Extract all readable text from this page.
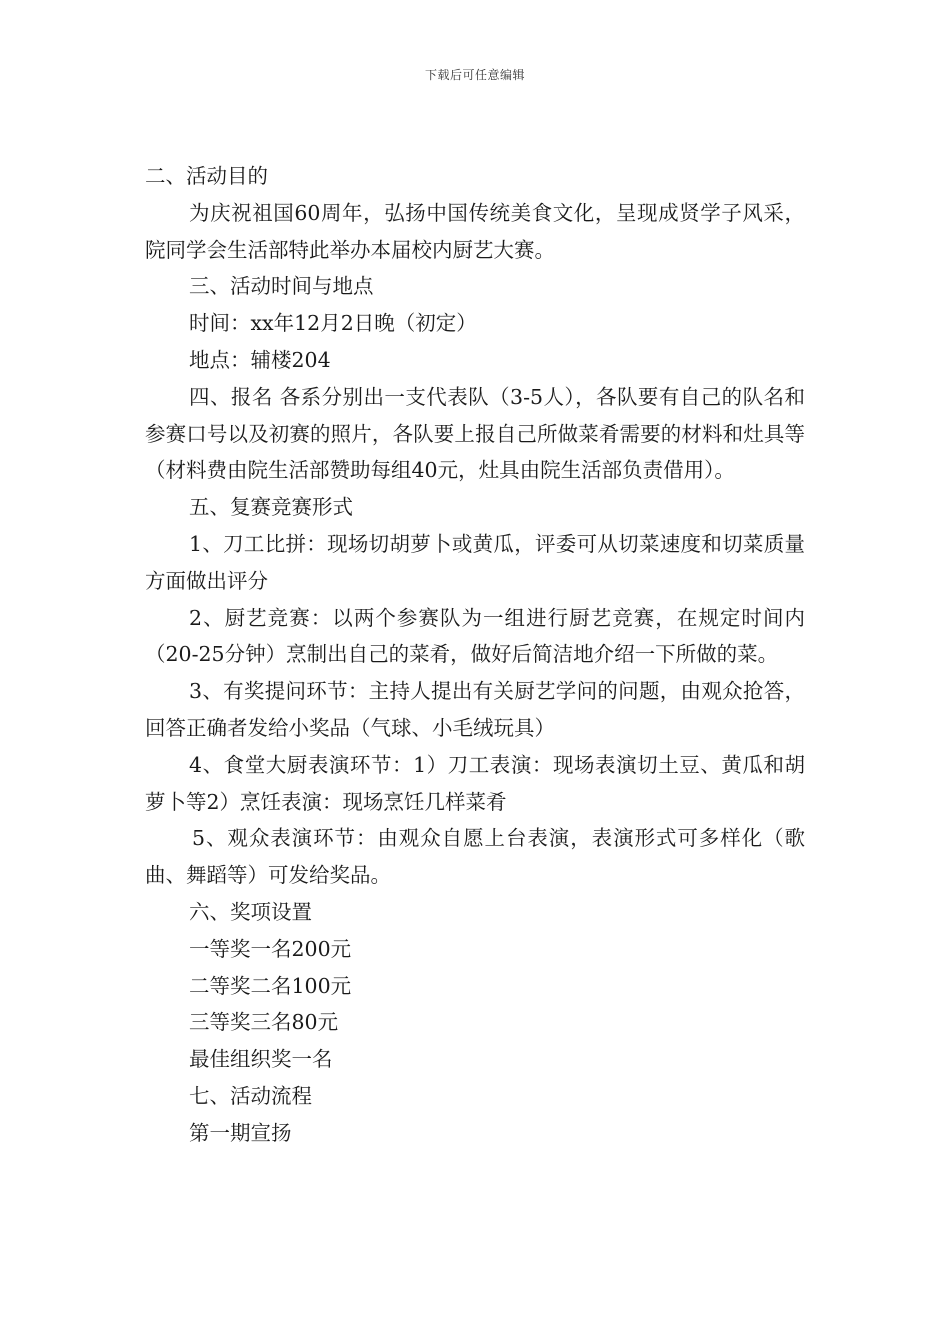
下载后可任意编辑

二、活动目的

为庆祝祖国60周年，弘扬中国传统美食文化，呈现成贤学子风采，院同学会生活部特此举办本届校内厨艺大赛。

三、活动时间与地点

时间：xx年12月2日晚（初定）

地点：辅楼204

四、报名 各系分别出一支代表队（3-5人），各队要有自己的队名和参赛口号以及初赛的照片，各队要上报自己所做菜肴需要的材料和灶具等（材料费由院生活部赞助每组40元，灶具由院生活部负责借用）。

五、复赛竞赛形式

1、刀工比拼：现场切胡萝卜或黄瓜，评委可从切菜速度和切菜质量方面做出评分

2、厨艺竞赛：以两个参赛队为一组进行厨艺竞赛，在规定时间内（20-25分钟）烹制出自己的菜肴，做好后简洁地介绍一下所做的菜。

3、有奖提问环节：主持人提出有关厨艺学问的问题，由观众抢答，回答正确者发给小奖品（气球、小毛绒玩具）

4、食堂大厨表演环节：1）刀工表演：现场表演切土豆、黄瓜和胡萝卜等2）烹饪表演：现场烹饪几样菜肴

5、观众表演环节：由观众自愿上台表演，表演形式可多样化（歌曲、舞蹈等）可发给奖品。

六、奖项设置

一等奖一名200元

二等奖二名100元

三等奖三名80元

最佳组织奖一名

七、活动流程

第一期宣扬
